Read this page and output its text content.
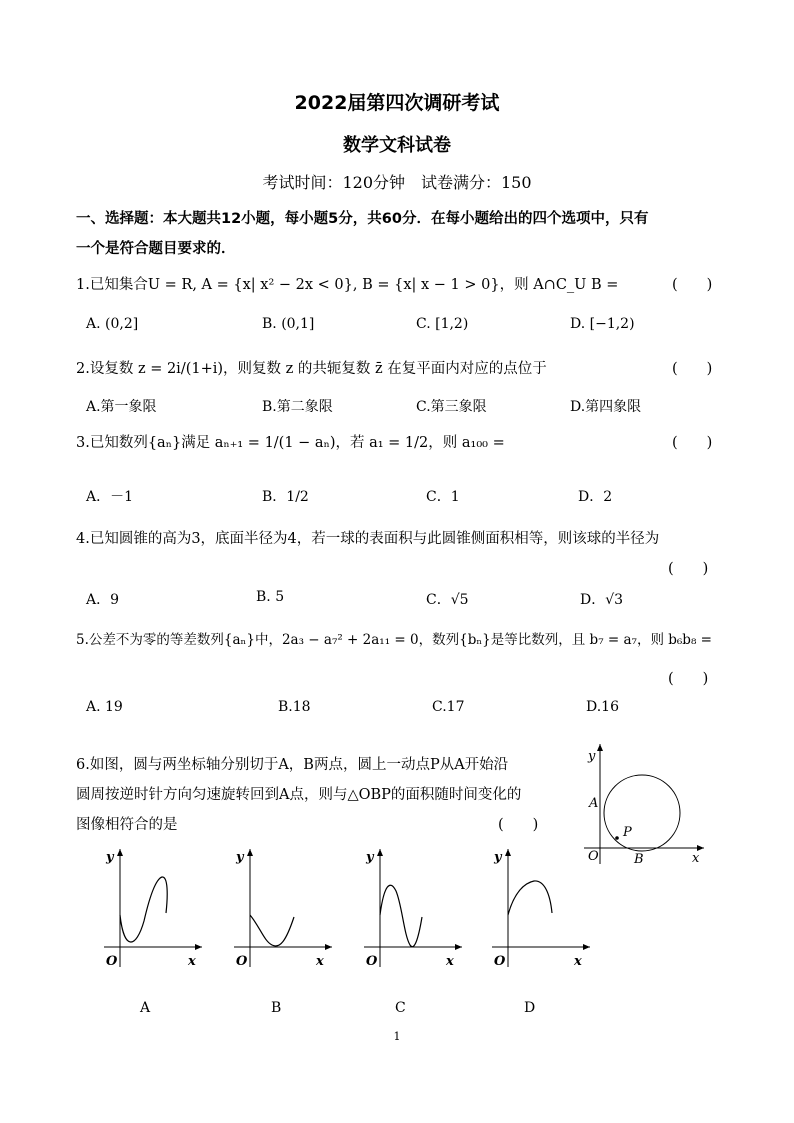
2022届第四次调研考试
数学文科试卷
考试时间：120分钟　试卷满分：150
一、选择题：本大题共12小题，每小题5分，共60分．在每小题给出的四个选项中，只有
一个是符合题目要求的．
1.已知集合U = R, A = {x| x² − 2x < 0}, B = {x| x − 1 > 0}，则 A∩C_U B =	(　　)
A. (0,2]	B. (0,1]	C. [1,2)	D. [−1,2)
2.设复数 z = 2i/(1+i)，则复数 z 的共轭复数 z̄ 在复平面内对应的点位于	(　　)
A.第一象限	B.第二象限	C.第三象限	D.第四象限
3.已知数列{aₙ}满足 aₙ₊₁ = 1/(1 − aₙ)，若 a₁ = 1/2，则 a₁₀₀ =	(　　)
A．－1	B．1/2	C．1	D．2
4.已知圆锥的高为3，底面半径为4，若一球的表面积与此圆锥侧面积相等，则该球的半径为
(　　)
A．9	B. 5	C．√5	D．√3
5.公差不为零的等差数列{aₙ}中，2a₃ − a₇² + 2a₁₁ = 0，数列{bₙ}是等比数列，且 b₇ = a₇，则 b₆b₈ =
(　　)
A. 19	B.18	C.17	D.16
6.如图，圆与两坐标轴分别切于A，B两点，圆上一动点P从A开始沿
圆周按逆时针方向匀速旋转回到A点，则与△OBP的面积随时间变化的
图像相符合的是	(　　)
y
x
O
A
B
P
y
x
O
A
y
x
O
B
y
x
O
C
y
x
O
D
1
